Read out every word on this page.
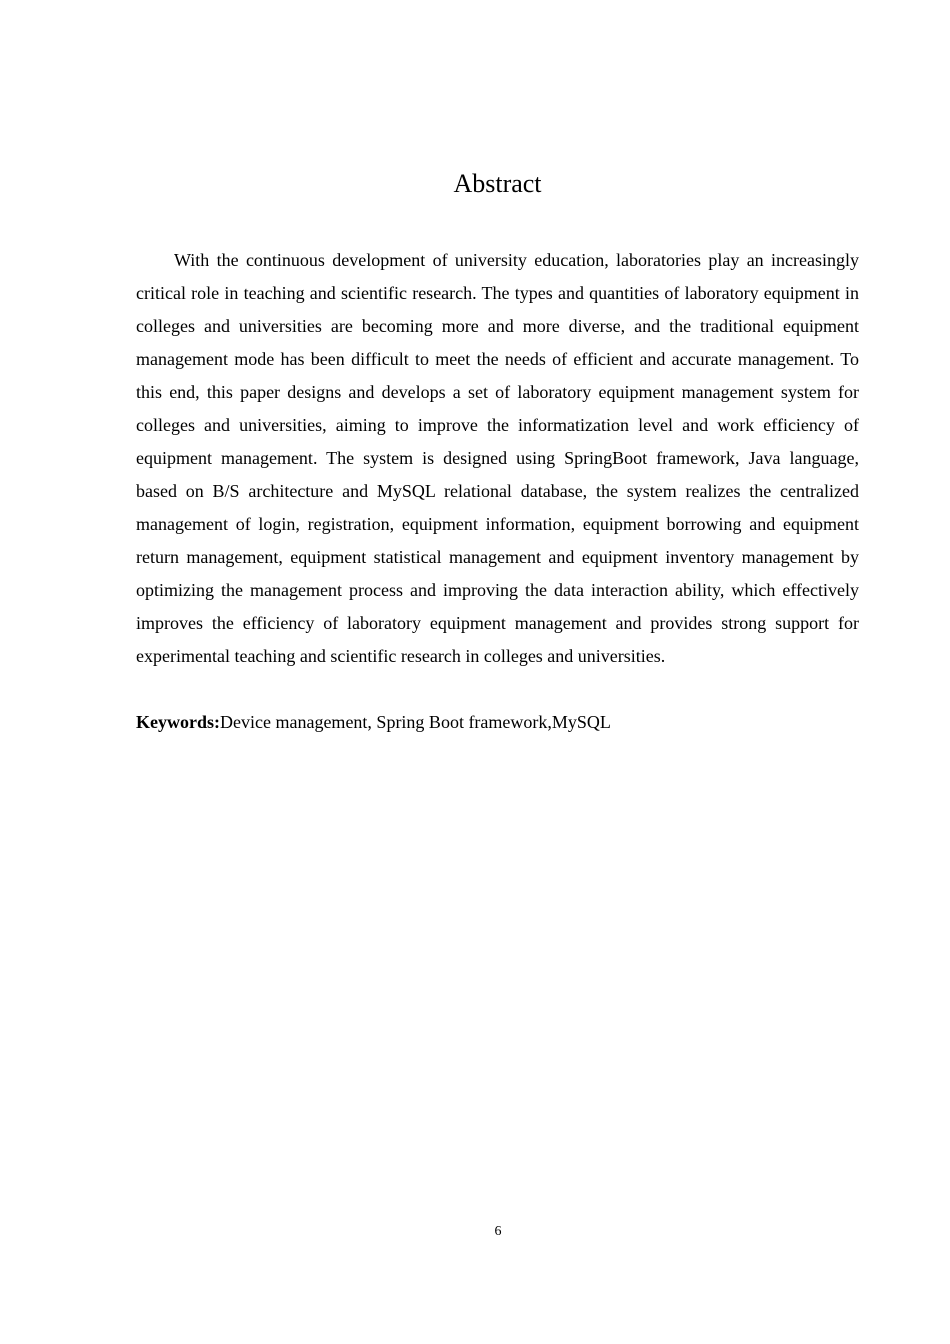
Abstract

With the continuous development of university education, laboratories play an increasingly critical role in teaching and scientific research. The types and quantities of laboratory equipment in colleges and universities are becoming more and more diverse, and the traditional equipment management mode has been difficult to meet the needs of efficient and accurate management. To this end, this paper designs and develops a set of laboratory equipment management system for colleges and universities, aiming to improve the informatization level and work efficiency of equipment management. The system is designed using SpringBoot framework, Java language, based on B/S architecture and MySQL relational database, the system realizes the centralized management of login, registration, equipment information, equipment borrowing and equipment return management, equipment statistical management and equipment inventory management by optimizing the management process and improving the data interaction ability, which effectively improves the efficiency of laboratory equipment management and provides strong support for experimental teaching and scientific research in colleges and universities.

Keywords:Device management, Spring Boot framework,MySQL

6
